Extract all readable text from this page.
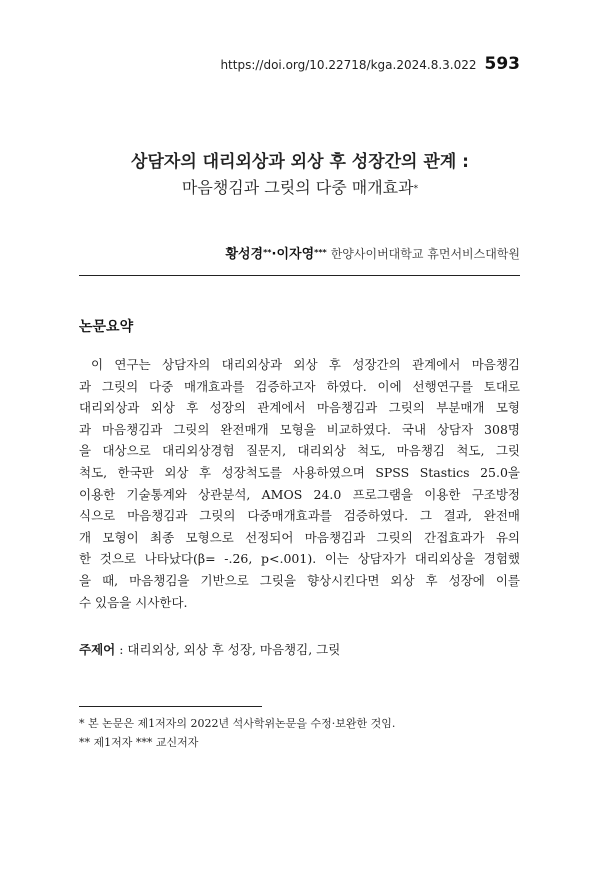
https://doi.org/10.22718/kga.2024.8.3.022 593
상담자의 대리외상과 외상 후 성장간의 관계 :
마음챙김과 그릿의 다중 매개효과*
황성경**·이자영*** 한양사이버대학교 휴먼서비스대학원
논문요약
이 연구는 상담자의 대리외상과 외상 후 성장간의 관계에서 마음챙김
과 그릿의 다중 매개효과를 검증하고자 하였다. 이에 선행연구를 토대로
대리외상과 외상 후 성장의 관계에서 마음챙김과 그릿의 부분매개 모형
과 마음챙김과 그릿의 완전매개 모형을 비교하였다. 국내 상담자 308명
을 대상으로 대리외상경험 질문지, 대리외상 척도, 마음챙김 척도, 그릿
척도, 한국판 외상 후 성장척도를 사용하였으며 SPSS Stastics 25.0을
이용한 기술통계와 상관분석, AMOS 24.0 프로그램을 이용한 구조방정
식으로 마음챙김과 그릿의 다중매개효과를 검증하였다. 그 결과, 완전매
개 모형이 최종 모형으로 선정되어 마음챙김과 그릿의 간접효과가 유의
한 것으로 나타났다(β= -.26, p<.001). 이는 상담자가 대리외상을 경험했
을 때, 마음챙김을 기반으로 그릿을 향상시킨다면 외상 후 성장에 이를
수 있음을 시사한다.
주제어 : 대리외상, 외상 후 성장, 마음챙김, 그릿
* 본 논문은 제1저자의 2022년 석사학위논문을 수정·보완한 것임.
** 제1저자 *** 교신저자
